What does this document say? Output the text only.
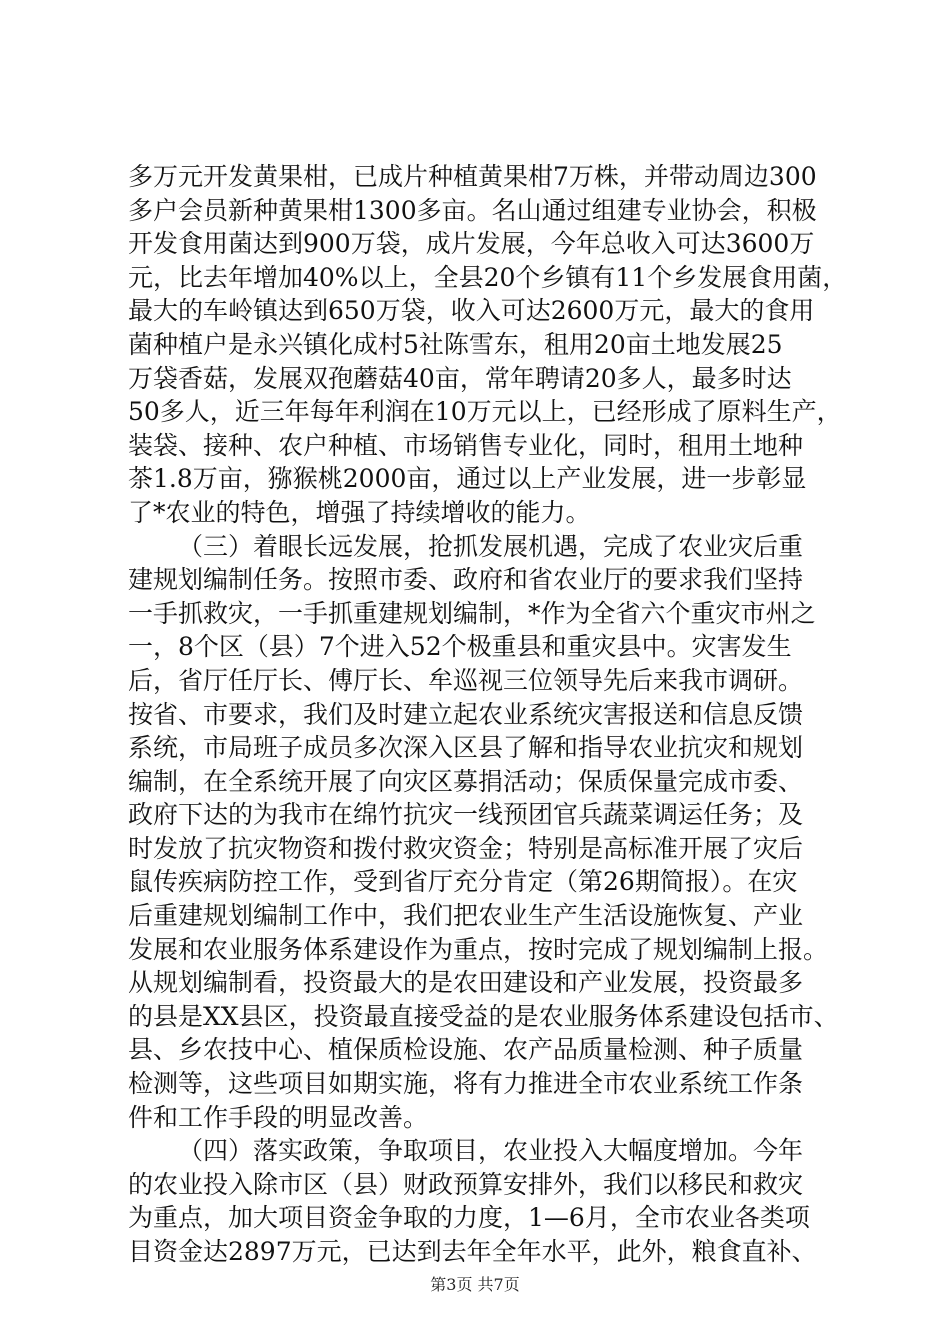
多万元开发黄果柑，已成片种植黄果柑7万株，并带动周边300
多户会员新种黄果柑1300多亩。名山通过组建专业协会，积极
开发食用菌达到900万袋，成片发展，今年总收入可达3600万
元，比去年增加40%以上，全县20个乡镇有11个乡发展食用菌，
最大的车岭镇达到650万袋，收入可达2600万元，最大的食用
菌种植户是永兴镇化成村5社陈雪东，租用20亩土地发展25
万袋香菇，发展双孢蘑菇40亩，常年聘请20多人，最多时达
50多人，近三年每年利润在10万元以上，已经形成了原料生产，
装袋、接种、农户种植、市场销售专业化，同时，租用土地种
茶1.8万亩，猕猴桃2000亩，通过以上产业发展，进一步彰显
了*农业的特色，增强了持续增收的能力。
（三）着眼长远发展，抢抓发展机遇，完成了农业灾后重
建规划编制任务。按照市委、政府和省农业厅的要求我们坚持
一手抓救灾，一手抓重建规划编制，*作为全省六个重灾市州之
一，8个区（县）7个进入52个极重县和重灾县中。灾害发生
后，省厅任厅长、傅厅长、牟巡视三位领导先后来我市调研。
按省、市要求，我们及时建立起农业系统灾害报送和信息反馈
系统，市局班子成员多次深入区县了解和指导农业抗灾和规划
编制，在全系统开展了向灾区募捐活动；保质保量完成市委、
政府下达的为我市在绵竹抗灾一线预团官兵蔬菜调运任务；及
时发放了抗灾物资和拨付救灾资金；特别是高标准开展了灾后
鼠传疾病防控工作，受到省厅充分肯定（第26期简报）。在灾
后重建规划编制工作中，我们把农业生产生活设施恢复、产业
发展和农业服务体系建设作为重点，按时完成了规划编制上报。
从规划编制看，投资最大的是农田建设和产业发展，投资最多
的县是XX县区，投资最直接受益的是农业服务体系建设包括市、
县、乡农技中心、植保质检设施、农产品质量检测、种子质量
检测等，这些项目如期实施，将有力推进全市农业系统工作条
件和工作手段的明显改善。
（四）落实政策，争取项目，农业投入大幅度增加。今年
的农业投入除市区（县）财政预算安排外，我们以移民和救灾
为重点，加大项目资金争取的力度，1—6月，全市农业各类项
目资金达2897万元，已达到去年全年水平，此外，粮食直补、
第3页 共7页
